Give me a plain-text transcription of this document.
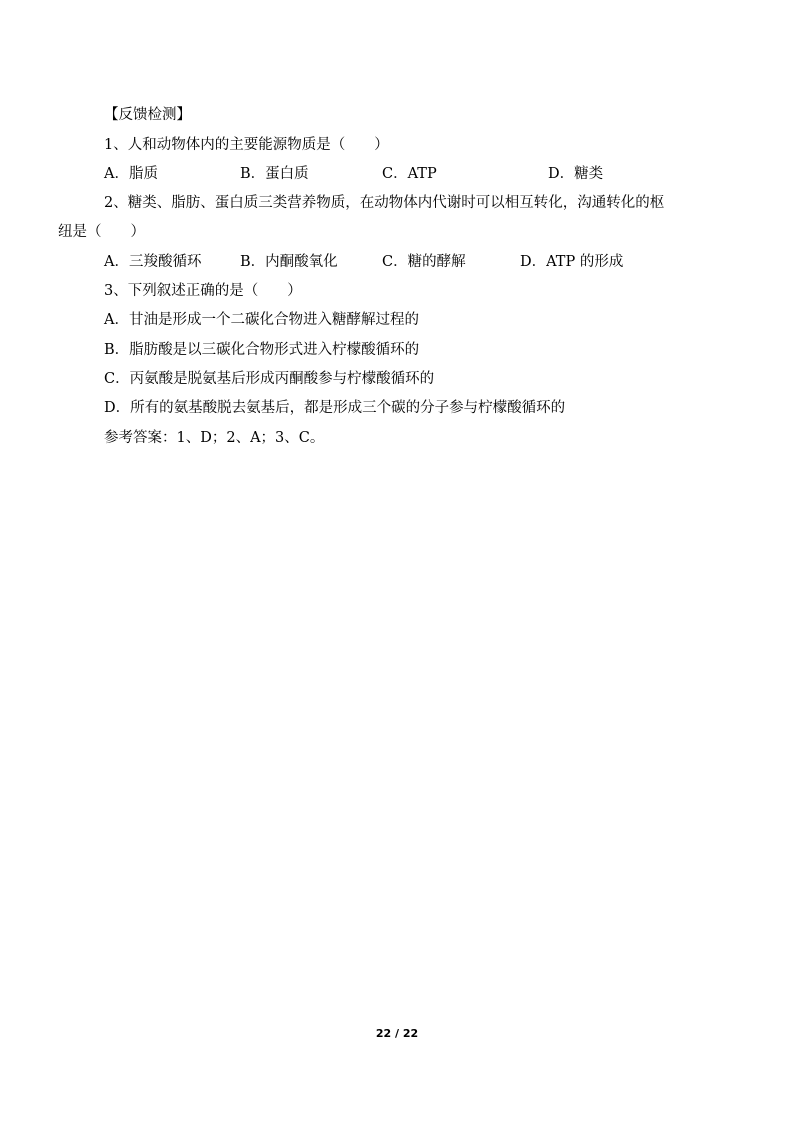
【反馈检测】
1、人和动物体内的主要能源物质是（　　）
A．脂质	B．蛋白质	C．ATP	D．糖类
2、糖类、脂肪、蛋白质三类营养物质，在动物体内代谢时可以相互转化，沟通转化的枢
纽是（　　）
A．三羧酸循环	B．内酮酸氧化	C．糖的酵解	D．ATP 的形成
3、下列叙述正确的是（　　）
A．甘油是形成一个二碳化合物进入糖酵解过程的
B．脂肪酸是以三碳化合物形式进入柠檬酸循环的
C．丙氨酸是脱氨基后形成丙酮酸参与柠檬酸循环的
D．所有的氨基酸脱去氨基后，都是形成三个碳的分子参与柠檬酸循环的
参考答案：1、D；2、A；3、C。
22 / 22
